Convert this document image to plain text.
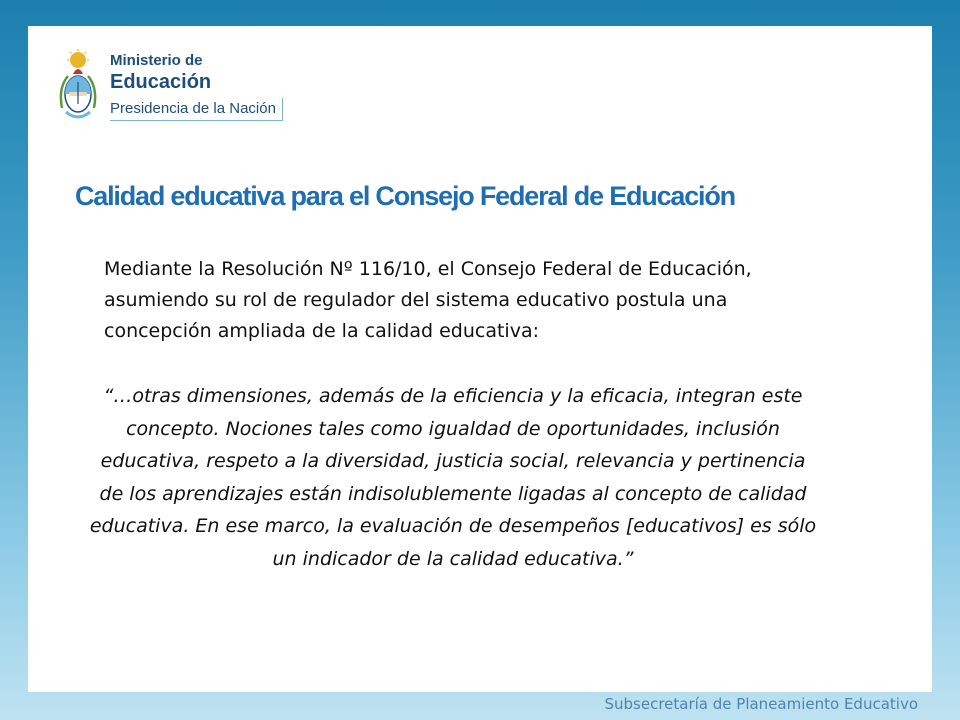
Ministerio de
Educación
Presidencia de la Nación
Calidad educativa para el Consejo Federal de Educación

Mediante la Resolución Nº 116/10, el Consejo Federal de Educación, asumiendo su rol de regulador del sistema educativo postula una concepción ampliada de la calidad educativa:

“…otras dimensiones, además de la eficiencia y la eficacia, integran este concepto. Nociones tales como igualdad de oportunidades, inclusión educativa, respeto a la diversidad, justicia social, relevancia y pertinencia de los aprendizajes están indisolublemente ligadas al concepto de calidad educativa. En ese marco, la evaluación de desempeños [educativos] es sólo un indicador de la calidad educativa.”

Subsecretaría de Planeamiento Educativo
